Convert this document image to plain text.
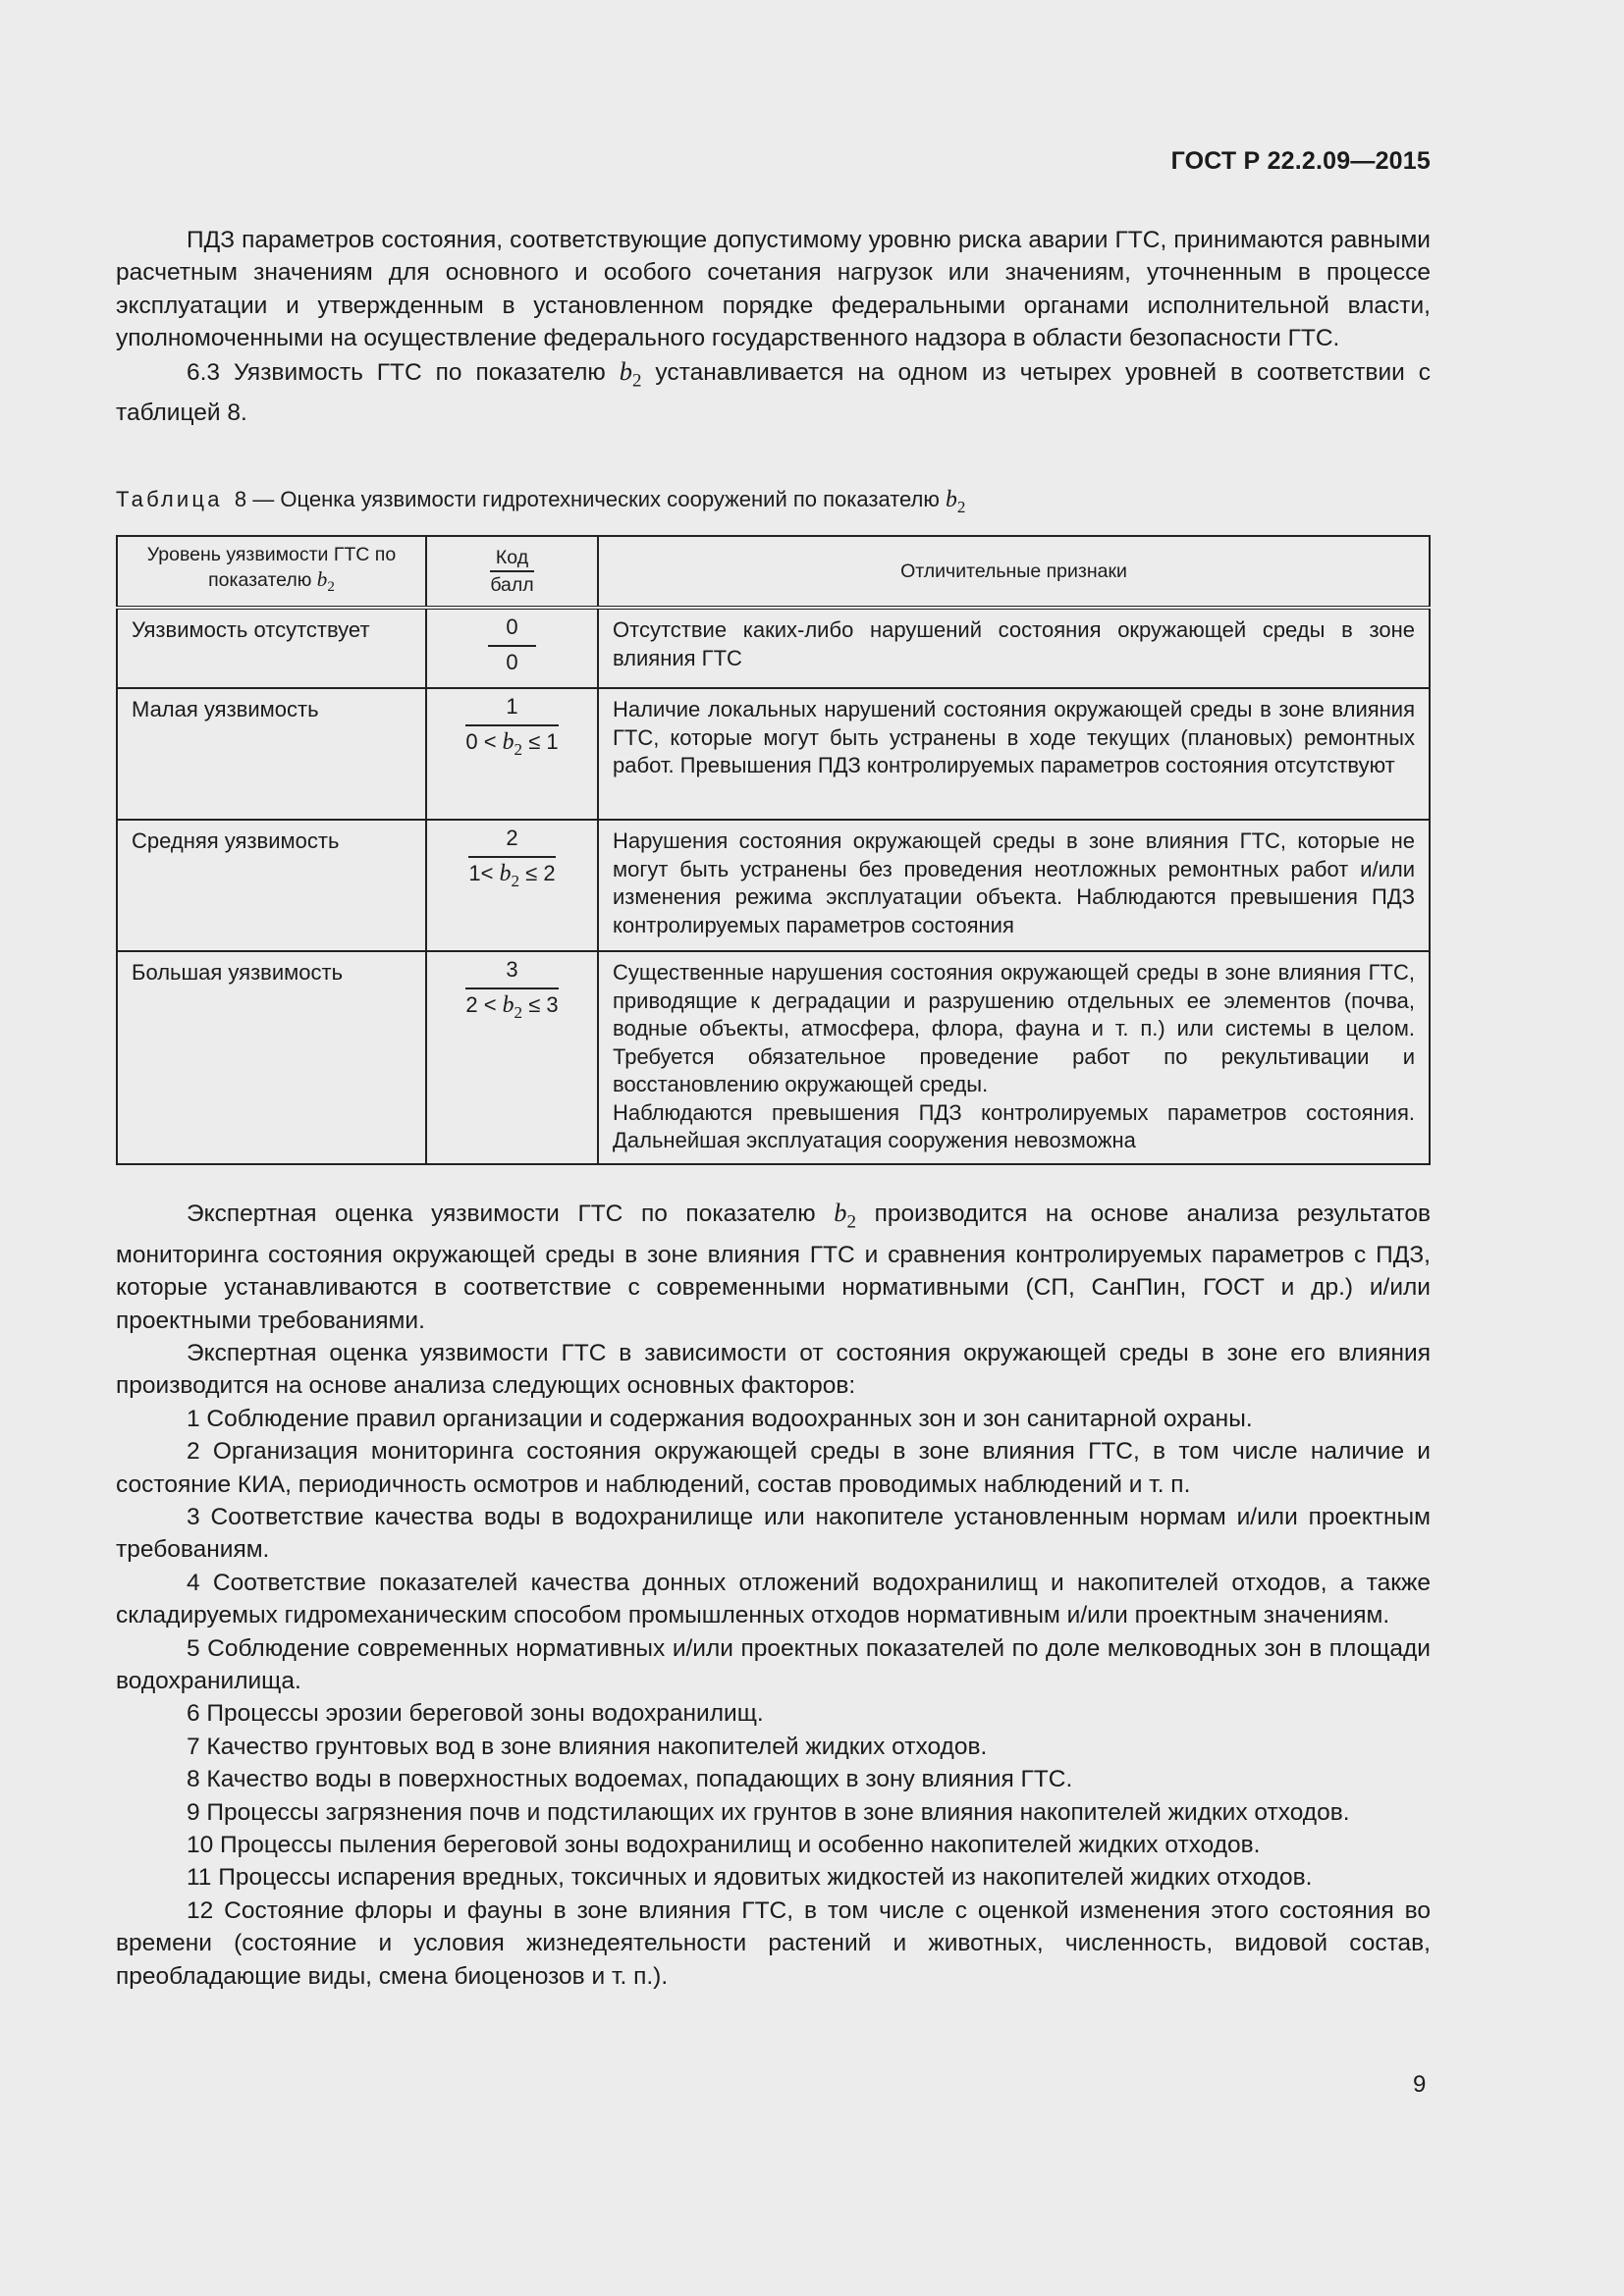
ГОСТ Р 22.2.09—2015

ПДЗ параметров состояния, соответствующие допустимому уровню риска аварии ГТС, принимаются равными расчетным значениям для основного и особого сочетания нагрузок или значениям, уточненным в процессе эксплуатации и утвержденным в установленном порядке федеральными органами исполнительной власти, уполномоченными на осуществление федерального государственного надзора в области безопасности ГТС.

6.3 Уязвимость ГТС по показателю $b_2$ устанавливается на одном из четырех уровней в соответствии с таблицей 8.

Таблица 8 — Оценка уязвимости гидротехнических сооружений по показателю $b_2$
Уровень уязвимости ГТС по показателю $b_2$	$\frac{\text{Код}}{\text{балл}}$	Отличительные признаки
Уязвимость отсутствует	$\frac{0}{0}$	Отсутствие каких-либо нарушений состояния окружающей среды в зоне влияния ГТС
Малая уязвимость	$\frac{1}{0 < b_2 \le 1}$	Наличие локальных нарушений состояния окружающей среды в зоне влияния ГТС, которые могут быть устранены в ходе текущих (плановых) ремонтных работ. Превышения ПДЗ контролируемых параметров состояния отсутствуют
Средняя уязвимость	$\frac{2}{1< b_2 \le 2}$	Нарушения состояния окружающей среды в зоне влияния ГТС, которые не могут быть устранены без проведения неотложных ремонтных работ и/или изменения режима эксплуатации объекта. Наблюдаются превышения ПДЗ контролируемых параметров состояния
Большая уязвимость	$\frac{3}{2 < b_2 \le 3}$	Существенные нарушения состояния окружающей среды в зоне влияния ГТС, приводящие к деградации и разрушению отдельных ее элементов (почва, водные объекты, атмосфера, флора, фауна и т. п.) или системы в целом. Требуется обязательное проведение работ по рекультивации и восстановлению окружающей среды.
Наблюдаются превышения ПДЗ контролируемых параметров состояния. Дальнейшая эксплуатация сооружения невозможна

Экспертная оценка уязвимости ГТС по показателю $b_2$ производится на основе анализа результатов мониторинга состояния окружающей среды в зоне влияния ГТС и сравнения контролируемых параметров с ПДЗ, которые устанавливаются в соответствие с современными нормативными (СП, СанПин, ГОСТ и др.) и/или проектными требованиями.

Экспертная оценка уязвимости ГТС в зависимости от состояния окружающей среды в зоне его влияния производится на основе анализа следующих основных факторов:

1 Соблюдение правил организации и содержания водоохранных зон и зон санитарной охраны.

2 Организация мониторинга состояния окружающей среды в зоне влияния ГТС, в том числе наличие и состояние КИА, периодичность осмотров и наблюдений, состав проводимых наблюдений и т. п.

3 Соответствие качества воды в водохранилище или накопителе установленным нормам и/или проектным требованиям.

4 Соответствие показателей качества донных отложений водохранилищ и накопителей отходов, а также складируемых гидромеханическим способом промышленных отходов нормативным и/или проектным значениям.

5 Соблюдение современных нормативных и/или проектных показателей по доле мелководных зон в площади водохранилища.

6 Процессы эрозии береговой зоны водохранилищ.

7 Качество грунтовых вод в зоне влияния накопителей жидких отходов.

8 Качество воды в поверхностных водоемах, попадающих в зону влияния ГТС.

9 Процессы загрязнения почв и подстилающих их грунтов в зоне влияния накопителей жидких отходов.

10 Процессы пыления береговой зоны водохранилищ и особенно накопителей жидких отходов.

11 Процессы испарения вредных, токсичных и ядовитых жидкостей из накопителей жидких отходов.

12 Состояние флоры и фауны в зоне влияния ГТС, в том числе с оценкой изменения этого состояния во времени (состояние и условия жизнедеятельности растений и животных, численность, видовой состав, преобладающие виды, смена биоценозов и т. п.).

9
